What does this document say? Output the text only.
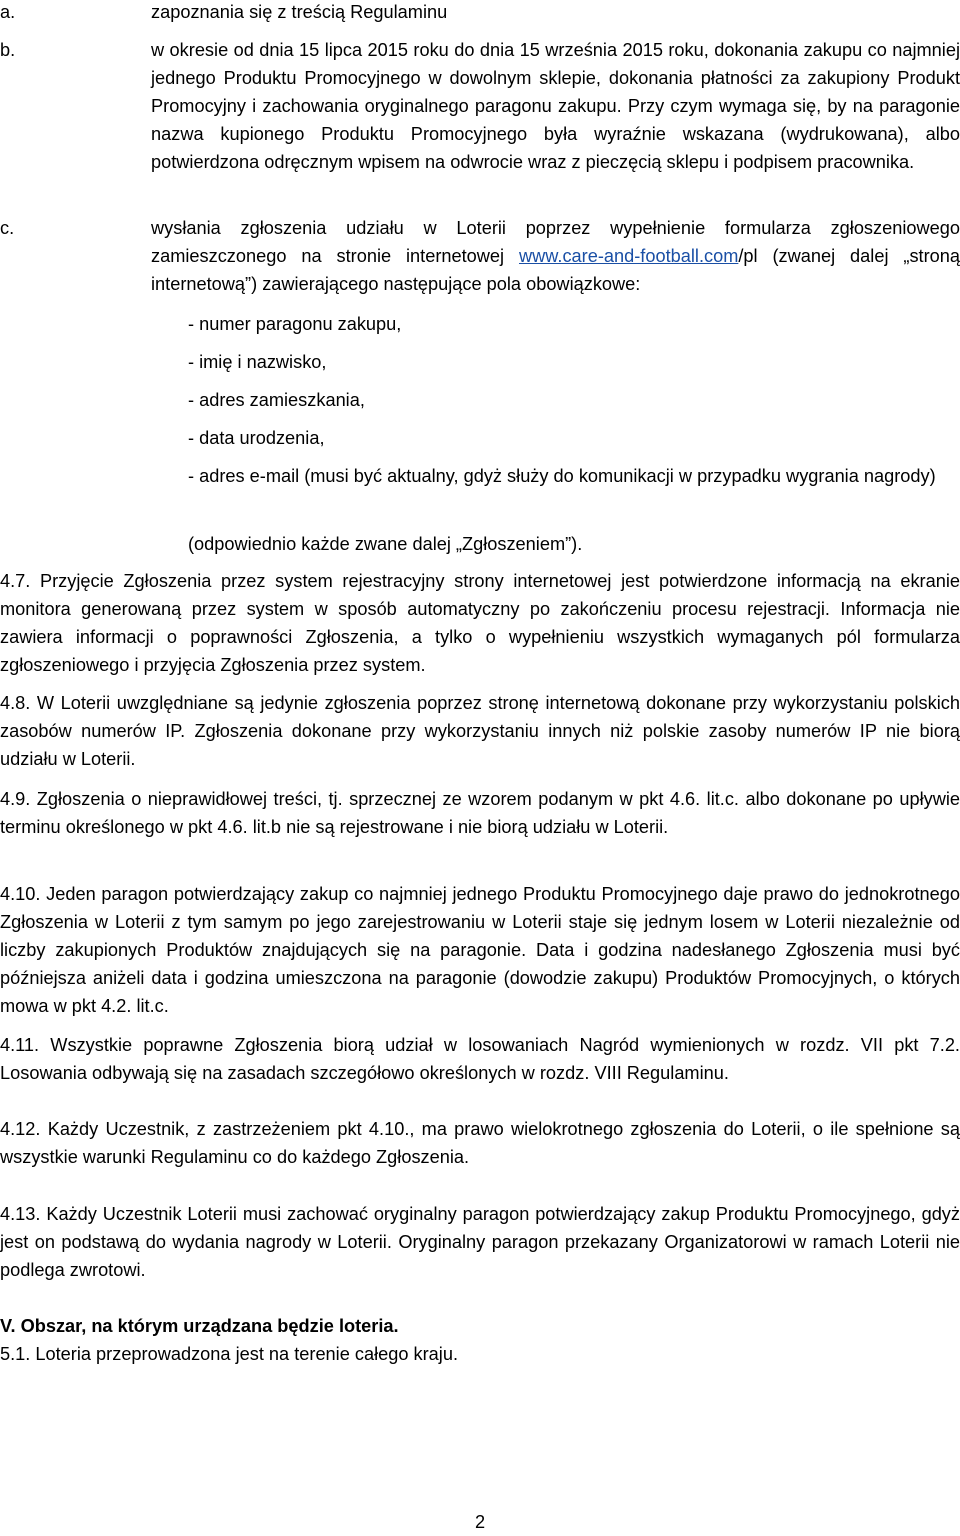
a.	zapoznania się z treścią Regulaminu
b.	w okresie od dnia 15 lipca 2015 roku do dnia 15 września 2015 roku, dokonania zakupu co najmniej jednego Produktu Promocyjnego w dowolnym sklepie, dokonania płatności za zakupiony Produkt Promocyjny i zachowania oryginalnego paragonu zakupu. Przy czym wymaga się, by na paragonie nazwa kupionego Produktu Promocyjnego była wyraźnie wskazana (wydrukowana), albo potwierdzona odręcznym wpisem na odwrocie wraz z pieczęcią sklepu i podpisem pracownika.
c.	wysłania zgłoszenia udziału w Loterii poprzez wypełnienie formularza zgłoszeniowego zamieszczonego na stronie internetowej www.care-and-football.com/pl (zwanej dalej „stroną internetową”) zawierającego następujące pola obowiązkowe:
- numer paragonu zakupu,
- imię i nazwisko,
- adres zamieszkania,
- data urodzenia,
- adres e-mail (musi być aktualny, gdyż służy do komunikacji w przypadku wygrania nagrody)
(odpowiednio każde zwane dalej „Zgłoszeniem”).
4.7. Przyjęcie Zgłoszenia przez system rejestracyjny strony internetowej jest potwierdzone informacją na ekranie monitora generowaną przez system w sposób automatyczny po zakończeniu procesu rejestracji. Informacja nie zawiera informacji o poprawności Zgłoszenia, a tylko o wypełnieniu wszystkich wymaganych pól formularza zgłoszeniowego i przyjęcia Zgłoszenia przez system.
4.8. W Loterii uwzględniane są jedynie zgłoszenia poprzez stronę internetową dokonane przy wykorzystaniu polskich zasobów numerów IP. Zgłoszenia dokonane przy wykorzystaniu innych niż polskie zasoby numerów IP nie biorą udziału w Loterii.
4.9. Zgłoszenia o nieprawidłowej treści, tj. sprzecznej ze wzorem podanym w pkt 4.6. lit.c. albo dokonane po upływie terminu określonego w pkt 4.6. lit.b nie są rejestrowane i nie biorą udziału w Loterii.
4.10. Jeden paragon potwierdzający zakup co najmniej jednego Produktu Promocyjnego daje prawo do jednokrotnego Zgłoszenia w Loterii z tym samym po jego zarejestrowaniu w Loterii staje się jednym losem w Loterii niezależnie od liczby zakupionych Produktów znajdujących się na paragonie. Data i godzina nadesłanego Zgłoszenia musi być późniejsza aniżeli data i godzina umieszczona na paragonie (dowodzie zakupu) Produktów Promocyjnych, o których mowa w pkt 4.2. lit.c.
4.11. Wszystkie poprawne Zgłoszenia biorą udział w losowaniach Nagród wymienionych w rozdz. VII pkt 7.2. Losowania odbywają się na zasadach szczegółowo określonych w rozdz. VIII Regulaminu.
4.12. Każdy Uczestnik, z zastrzeżeniem pkt 4.10., ma prawo wielokrotnego zgłoszenia do Loterii, o ile spełnione są wszystkie warunki Regulaminu co do każdego Zgłoszenia.
4.13. Każdy Uczestnik Loterii musi zachować oryginalny paragon potwierdzający zakup Produktu Promocyjnego, gdyż jest on podstawą do wydania nagrody w Loterii. Oryginalny paragon przekazany Organizatorowi w ramach Loterii nie podlega zwrotowi.
V. Obszar, na którym urządzana będzie loteria.
5.1. Loteria przeprowadzona jest na terenie całego kraju.
2
